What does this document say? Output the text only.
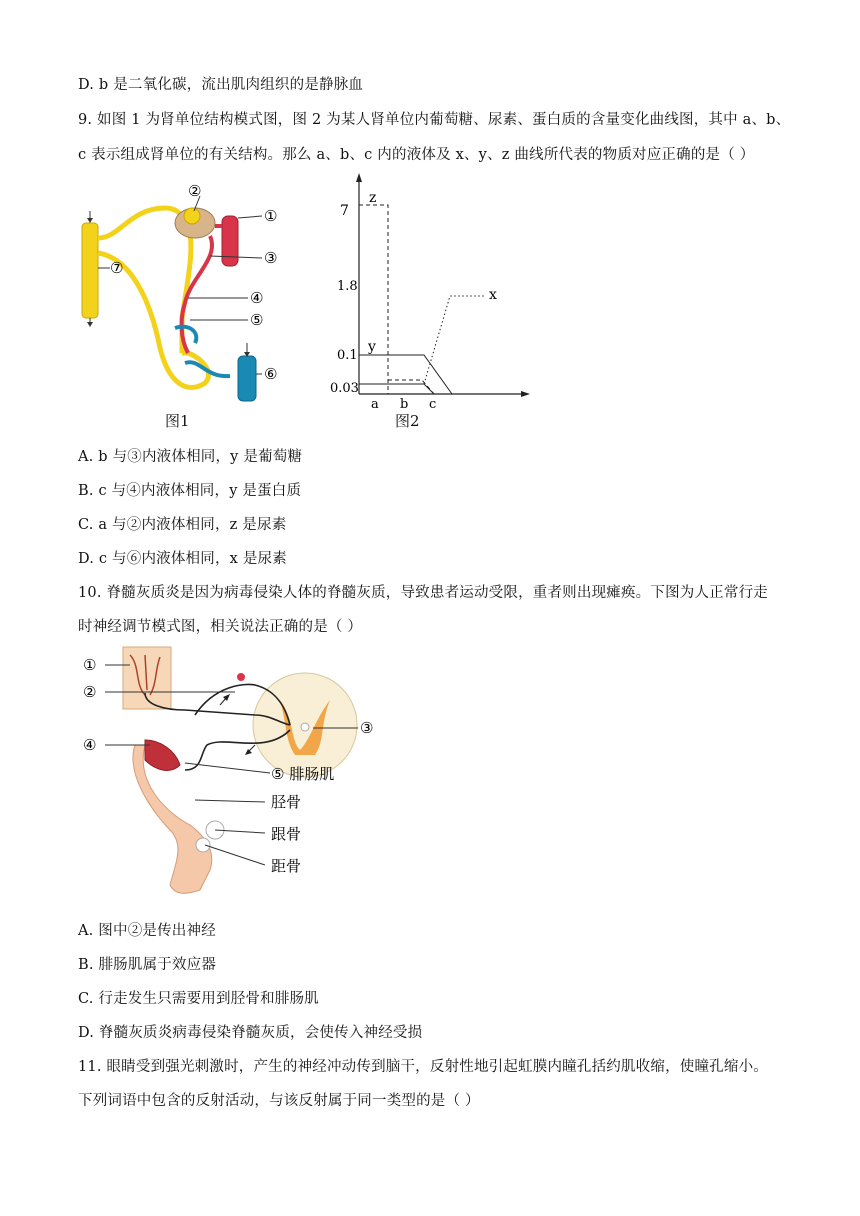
D. b 是二氧化碳，流出肌肉组织的是静脉血
9. 如图 1 为肾单位结构模式图，图 2 为某人肾单位内葡萄糖、尿素、蛋白质的含量变化曲线图，其中 a、b、
c 表示组成肾单位的有关结构。那么 a、b、c 内的液体及 x、y、z 曲线所代表的物质对应正确的是（ ）
②
①
③
⑦
④
⑤
⑥
图1
7
1.8
0.1
0.03
a b c
z
y
x
图2
A. b 与③内液体相同，y 是葡萄糖
B. c 与④内液体相同，y 是蛋白质
C. a 与②内液体相同，z 是尿素
D. c 与⑥内液体相同，x 是尿素
10. 脊髓灰质炎是因为病毒侵染人体的脊髓灰质，导致患者运动受限，重者则出现瘫痪。下图为人正常行走
时神经调节模式图，相关说法正确的是（ ）
①
②
④
③
⑤ 腓肠肌
胫骨
跟骨
距骨
A. 图中②是传出神经
B. 腓肠肌属于效应器
C. 行走发生只需要用到胫骨和腓肠肌
D. 脊髓灰质炎病毒侵染脊髓灰质，会使传入神经受损
11. 眼睛受到强光刺激时，产生的神经冲动传到脑干，反射性地引起虹膜内瞳孔括约肌收缩，使瞳孔缩小。
下列词语中包含的反射活动，与该反射属于同一类型的是（ ）
